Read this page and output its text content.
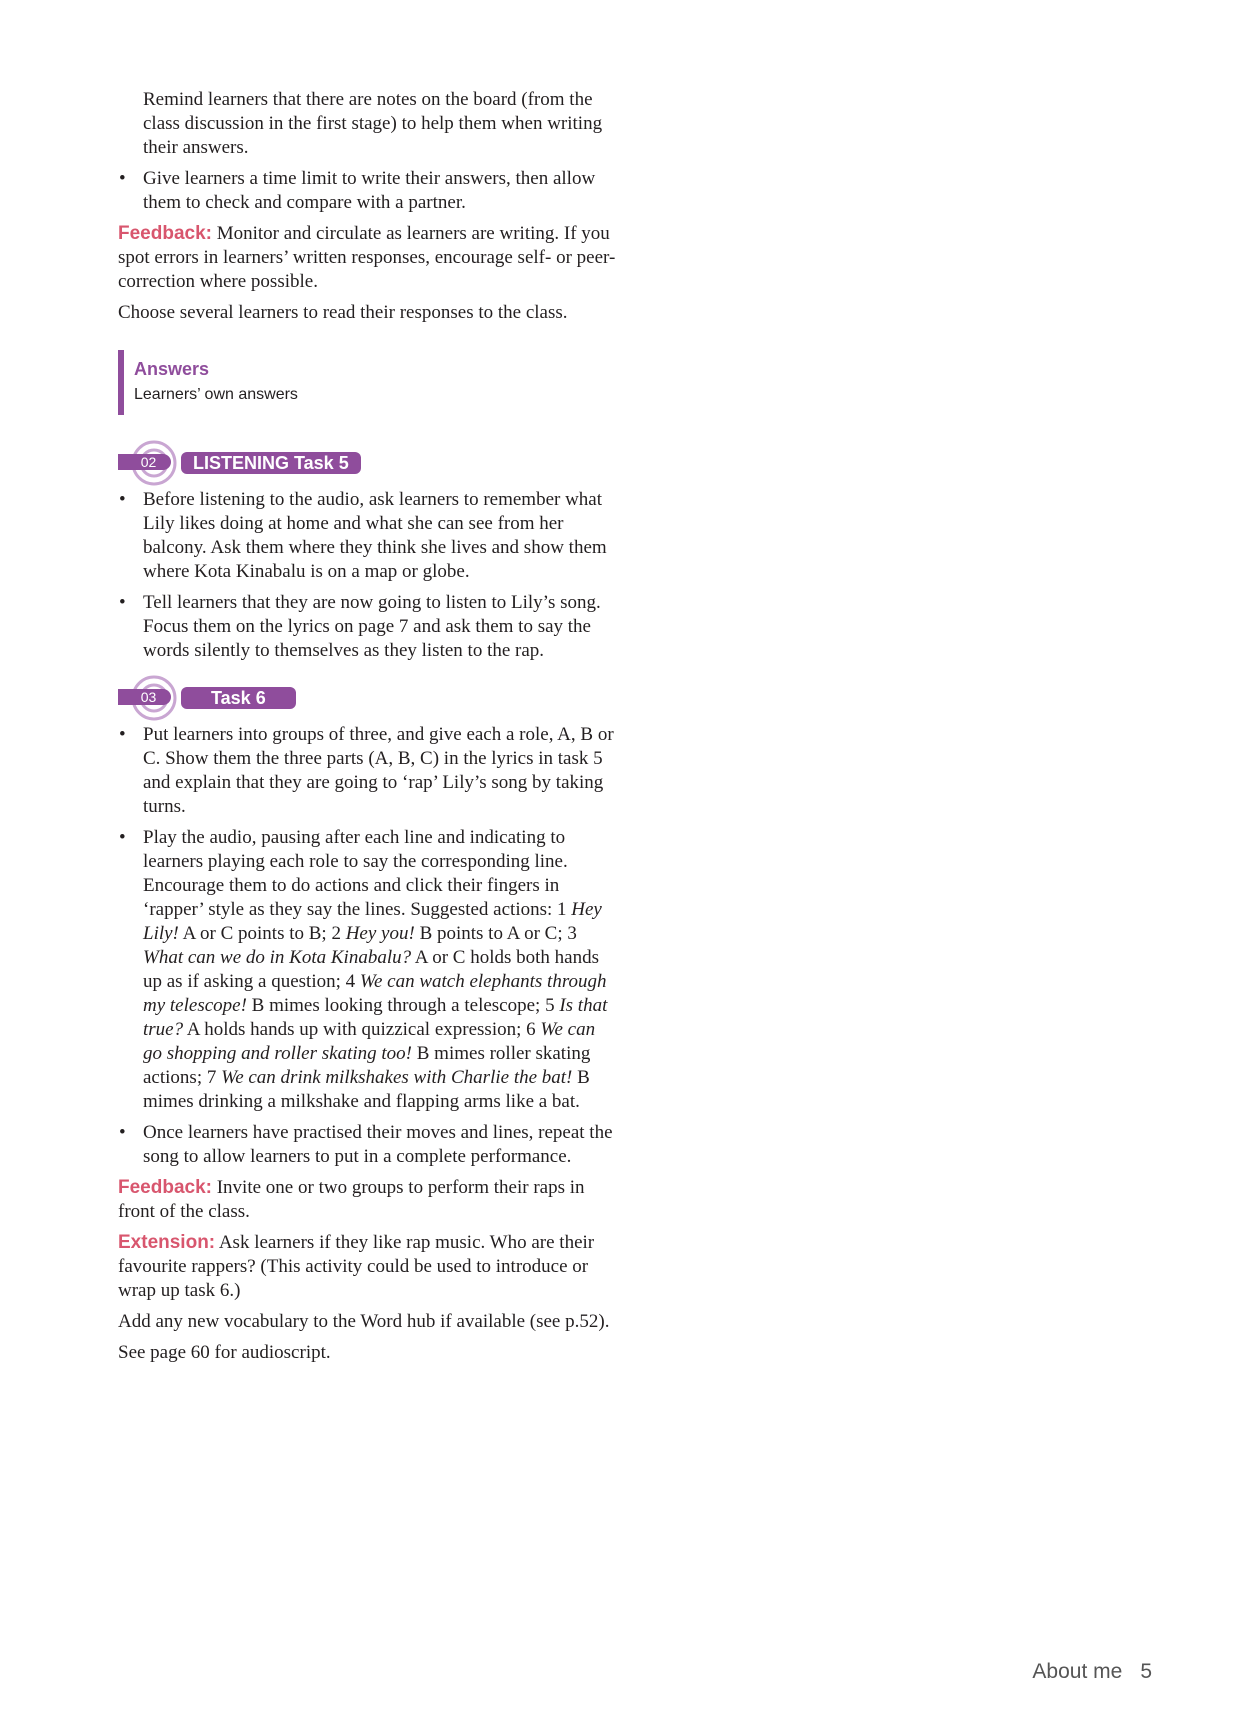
Remind learners that there are notes on the board (from the class discussion in the first stage) to help them when writing their answers.
• Give learners a time limit to write their answers, then allow them to check and compare with a partner.

Feedback: Monitor and circulate as learners are writing. If you spot errors in learners’ written responses, encourage self- or peer-correction where possible.

Choose several learners to read their responses to the class.

Answers
Learners’ own answers
02	LISTENING Task 5
• Before listening to the audio, ask learners to remember what Lily likes doing at home and what she can see from her balcony. Ask them where they think she lives and show them where Kota Kinabalu is on a map or globe.
• Tell learners that they are now going to listen to Lily’s song. Focus them on the lyrics on page 7 and ask them to say the words silently to themselves as they listen to the rap.
03	Task 6
• Put learners into groups of three, and give each a role, A, B or C. Show them the three parts (A, B, C) in the lyrics in task 5 and explain that they are going to ‘rap’ Lily’s song by taking turns.
• Play the audio, pausing after each line and indicating to learners playing each role to say the corresponding line. Encourage them to do actions and click their fingers in ‘rapper’ style as they say the lines. Suggested actions: 1 Hey Lily! A or C points to B; 2 Hey you! B points to A or C; 3 What can we do in Kota Kinabalu? A or C holds both hands up as if asking a question; 4 We can watch elephants through my telescope! B mimes looking through a telescope; 5 Is that true? A holds hands up with quizzical expression; 6 We can go shopping and roller skating too! B mimes roller skating actions; 7 We can drink milkshakes with Charlie the bat! B mimes drinking a milkshake and flapping arms like a bat.
• Once learners have practised their moves and lines, repeat the song to allow learners to put in a complete performance.

Feedback: Invite one or two groups to perform their raps in front of the class.

Extension: Ask learners if they like rap music. Who are their favourite rappers? (This activity could be used to introduce or wrap up task 6.)

Add any new vocabulary to the Word hub if available (see p.52).

See page 60 for audioscript.

About me 5
